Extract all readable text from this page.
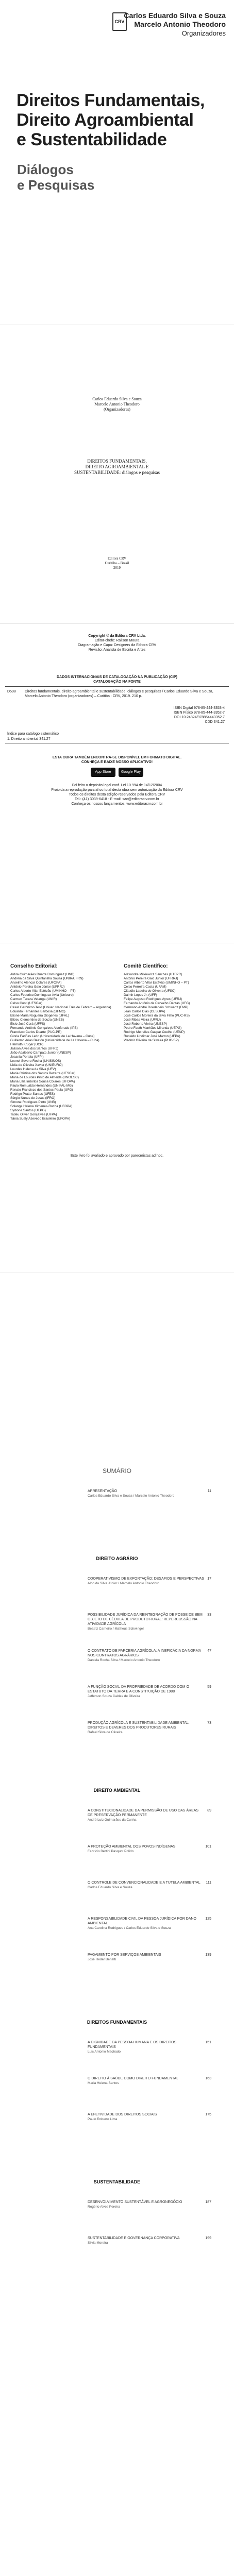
CRV
Carlos Eduardo Silva e Souza
Marcelo Antonio Theodoro
Organizadores
Direitos Fundamentais,
Direito Agroambiental
e Sustentabilidade
Diálogos
e Pesquisas
Carlos Eduardo Silva e Souza
Marcelo Antonio Theodoro
(Organizadores)
DIREITOS FUNDAMENTAIS,
DIREITO AGROAMBIENTAL E
SUSTENTABILIDADE: diálogos e pesquisas
Editora CRV
Curitiba – Brasil
2019
Copyright © da Editora CRV Ltda.
Editor-chefe: Railson Moura
Diagramação e Capa: Designers da Editora CRV
Revisão: Analista de Escrita e Artes
DADOS INTERNACIONAIS DE CATALOGAÇÃO NA PUBLICAÇÃO (CIP)
CATALOGAÇÃO NA FONTE
D598 Direitos fundamentais, direito agroambiental e sustentabilidade: diálogos e pesquisas / Carlos Eduardo Silva e Souza, Marcelo Antonio Theodoro (organizadores) – Curitiba : CRV, 2019. 210 p.
ISBN Digital 978-85-444-3353-4
ISBN Físico 978-85-444-3352-7
DOI 10.24824/978854443352.7
CDD 341.27
Índice para catálogo sistemático
1. Direito ambiental 341.27
ESTA OBRA TAMBÉM ENCONTRA-SE DISPONÍVEL EM FORMATO DIGITAL.
CONHEÇA E BAIXE NOSSO APLICATIVO!
App Store	Google Play
Foi feito o depósito legal conf. Lei 10.994 de 14/12/2004
Proibida a reprodução parcial ou total desta obra sem autorização da Editora CRV
Todos os direitos desta edição reservados pela Editora CRV
Tel.: (41) 3039-6418 - E-mail: sac@editoracrv.com.br
Conheça os nossos lançamentos: www.editoracrv.com.br
Conselho Editorial:	Comitê Científico:
Aldira Guimarães Duarte Domínguez (UNB)
Andréia da Silva Quintanilha Sousa (UNIR/UFRN)
Anselmo Alencar Colares (UFOPA)
Antônio Pereira Gaio Júnior (UFRRJ)
Carlos Alberto Vilar Estêvão (UMINHO – PT)
Carlos Federico Dominguez Avila (Unieuro)
Carmen Tereza Velanga (UNIR)
Celso Conti (UFSCar)
Cesar Gerónimo Tello (Univer. Nacional Três de Febrero – Argentina)
Eduardo Fernandes Barbosa (UFMG)
Elione Maria Nogueira Diogenes (UFAL)
Elizeu Clementino de Souza (UNEB)
Élsio José Corá (UFFS)
Fernando Antônio Gonçalves Alcoforado (IPB)
Francisco Carlos Duarte (PUC-PR)
Gloria Fariñas León (Universidade de La Havana – Cuba)
Guillermo Arias Beatón (Universidade de La Havana – Cuba)
Helmuth Krüger (UCP)
Jailson Alves dos Santos (UFRJ)
João Adalberto Campato Junior (UNESP)
Josania Portela (UFPI)
Leonel Severo Rocha (UNISINOS)
Lídia de Oliveira Xavier (UNIEURO)
Lourdes Helena da Silva (UFV)
Maria Cristina dos Santos Bezerra (UFSCar)
Maria de Lourdes Pinto de Almeida (UNOESC)
Maria Lília Imbiriba Sousa Colares (UFOPA)
Paulo Romualdo Hernandes (UNIFAL-MG)
Renato Francisco dos Santos Paula (UFG)
Rodrigo Pratte-Santos (UFES)
Sérgio Nunes de Jesus (IFRO)
Simone Rodrigues Pinto (UNB)
Solange Helena Ximenes-Rocha (UFOPA)
Sydione Santos (UEPG)
Tadeu Oliver Gonçalves (UFPA)
Tânia Suely Azevedo Brasileiro (UFOPA)
Alexandre Milkiewicz Sanches (UTFPR)
Antônio Pereira Gaio Junior (UFRRJ)
Carlos Alberto Vilar Estêvão (UMINHO – PT)
Celso Ferreira Costa (UFAM)
Cláudio Ladeira de Oliveira (UFSC)
Dalmir Lopes Jr. (UFF)
Felipe Augusto Rodrigues Ayres (UFRJ)
Fernando Antônio de Carvalho Dantas (UFG)
Germano André Doederlein Schwartz (FMP)
Jean Carlos Dias (CESUPA)
José Carlos Moreira da Silva Filho (PUC-RS)
José Ribas Vieira (UFRJ)
José Roberto Vieira (UNESP)
Pedro Fauth Manhães Miranda (UEPG)
Rodrigo Meirelles Gaspar Coelho (UENP)
Ronaldo Lindimar José Marton (UFPA)
Vladmir Oliveira da Silveira (PUC-SP)
Este livro foi avaliado e aprovado por pareceristas ad hoc.
SUMÁRIO
APRESENTAÇÃO	11
Carlos Eduardo Silva e Souza / Marcelo Antonio Theodoro
DIREITO AGRÁRIO
COOPERATIVISMO DE EXPORTAÇÃO: DESAFIOS E PERSPECTIVAS 17
Aldo da Silva Júnior / Marcelo Antonio Theodoro
POSSIBILIDADE JURÍDICA DA REINTEGRAÇÃO DE POSSE DE BEM OBJETO DE CÉDULA DE PRODUTO RURAL: REPERCUSSÃO NA ATIVIDADE AGRÍCOLA
33
Beatriz Carneiro / Matheus Schwingel
O CONTRATO DE PARCERIA AGRÍCOLA: A INEFICÁCIA DA NORMA NOS CONTRATOS AGRÁRIOS
47
Daniela Rocha Silva / Marcelo Antonio Theodoro
A FUNÇÃO SOCIAL DA PROPRIEDADE DE ACORDO COM O ESTATUTO DA TERRA E A CONSTITUIÇÃO DE 1988
59
Jefferson Souza Caldas de Oliveira
PRODUÇÃO AGRÍCOLA E SUSTENTABILIDADE AMBIENTAL: DIREITOS E DEVERES DOS PRODUTORES RURAIS
73
Rafael Silva de Oliveira
DIREITO AMBIENTAL
A CONSTITUCIONALIDADE DA PERMISSÃO DE USO DAS ÁREAS DE PRESERVAÇÃO PERMANENTE
89
André Luiz Guimarães da Cunha
A PROTEÇÃO AMBIENTAL DOS POVOS INDÍGENAS	101
Fabrício Bertini Pasquot Polido
O CONTROLE DE CONVENCIONALIDADE E A TUTELA AMBIENTAL	111
Carlos Eduardo Silva e Souza
A RESPONSABILIDADE CIVIL DA PESSOA JURÍDICA POR DANO AMBIENTAL
125
Ana Carolina Rodrigues / Carlos Eduardo Silva e Souza
PAGAMENTO POR SERVIÇOS AMBIENTAIS	139
José Heder Benatti
DIREITOS FUNDAMENTAIS
A DIGNIDADE DA PESSOA HUMANA E OS DIREITOS FUNDAMENTAIS
151
Luis Antonio Machado
O DIREITO À SAÚDE COMO DIREITO FUNDAMENTAL	163
Maria Helena Santos
A EFETIVIDADE DOS DIREITOS SOCIAIS	175
Paulo Roberto Lima
SUSTENTABILIDADE
DESENVOLVIMENTO SUSTENTÁVEL E AGRONEGÓCIO	187
Rogério Alves Pereira
SUSTENTABILIDADE E GOVERNANÇA CORPORATIVA	199
Silvia Moreira
